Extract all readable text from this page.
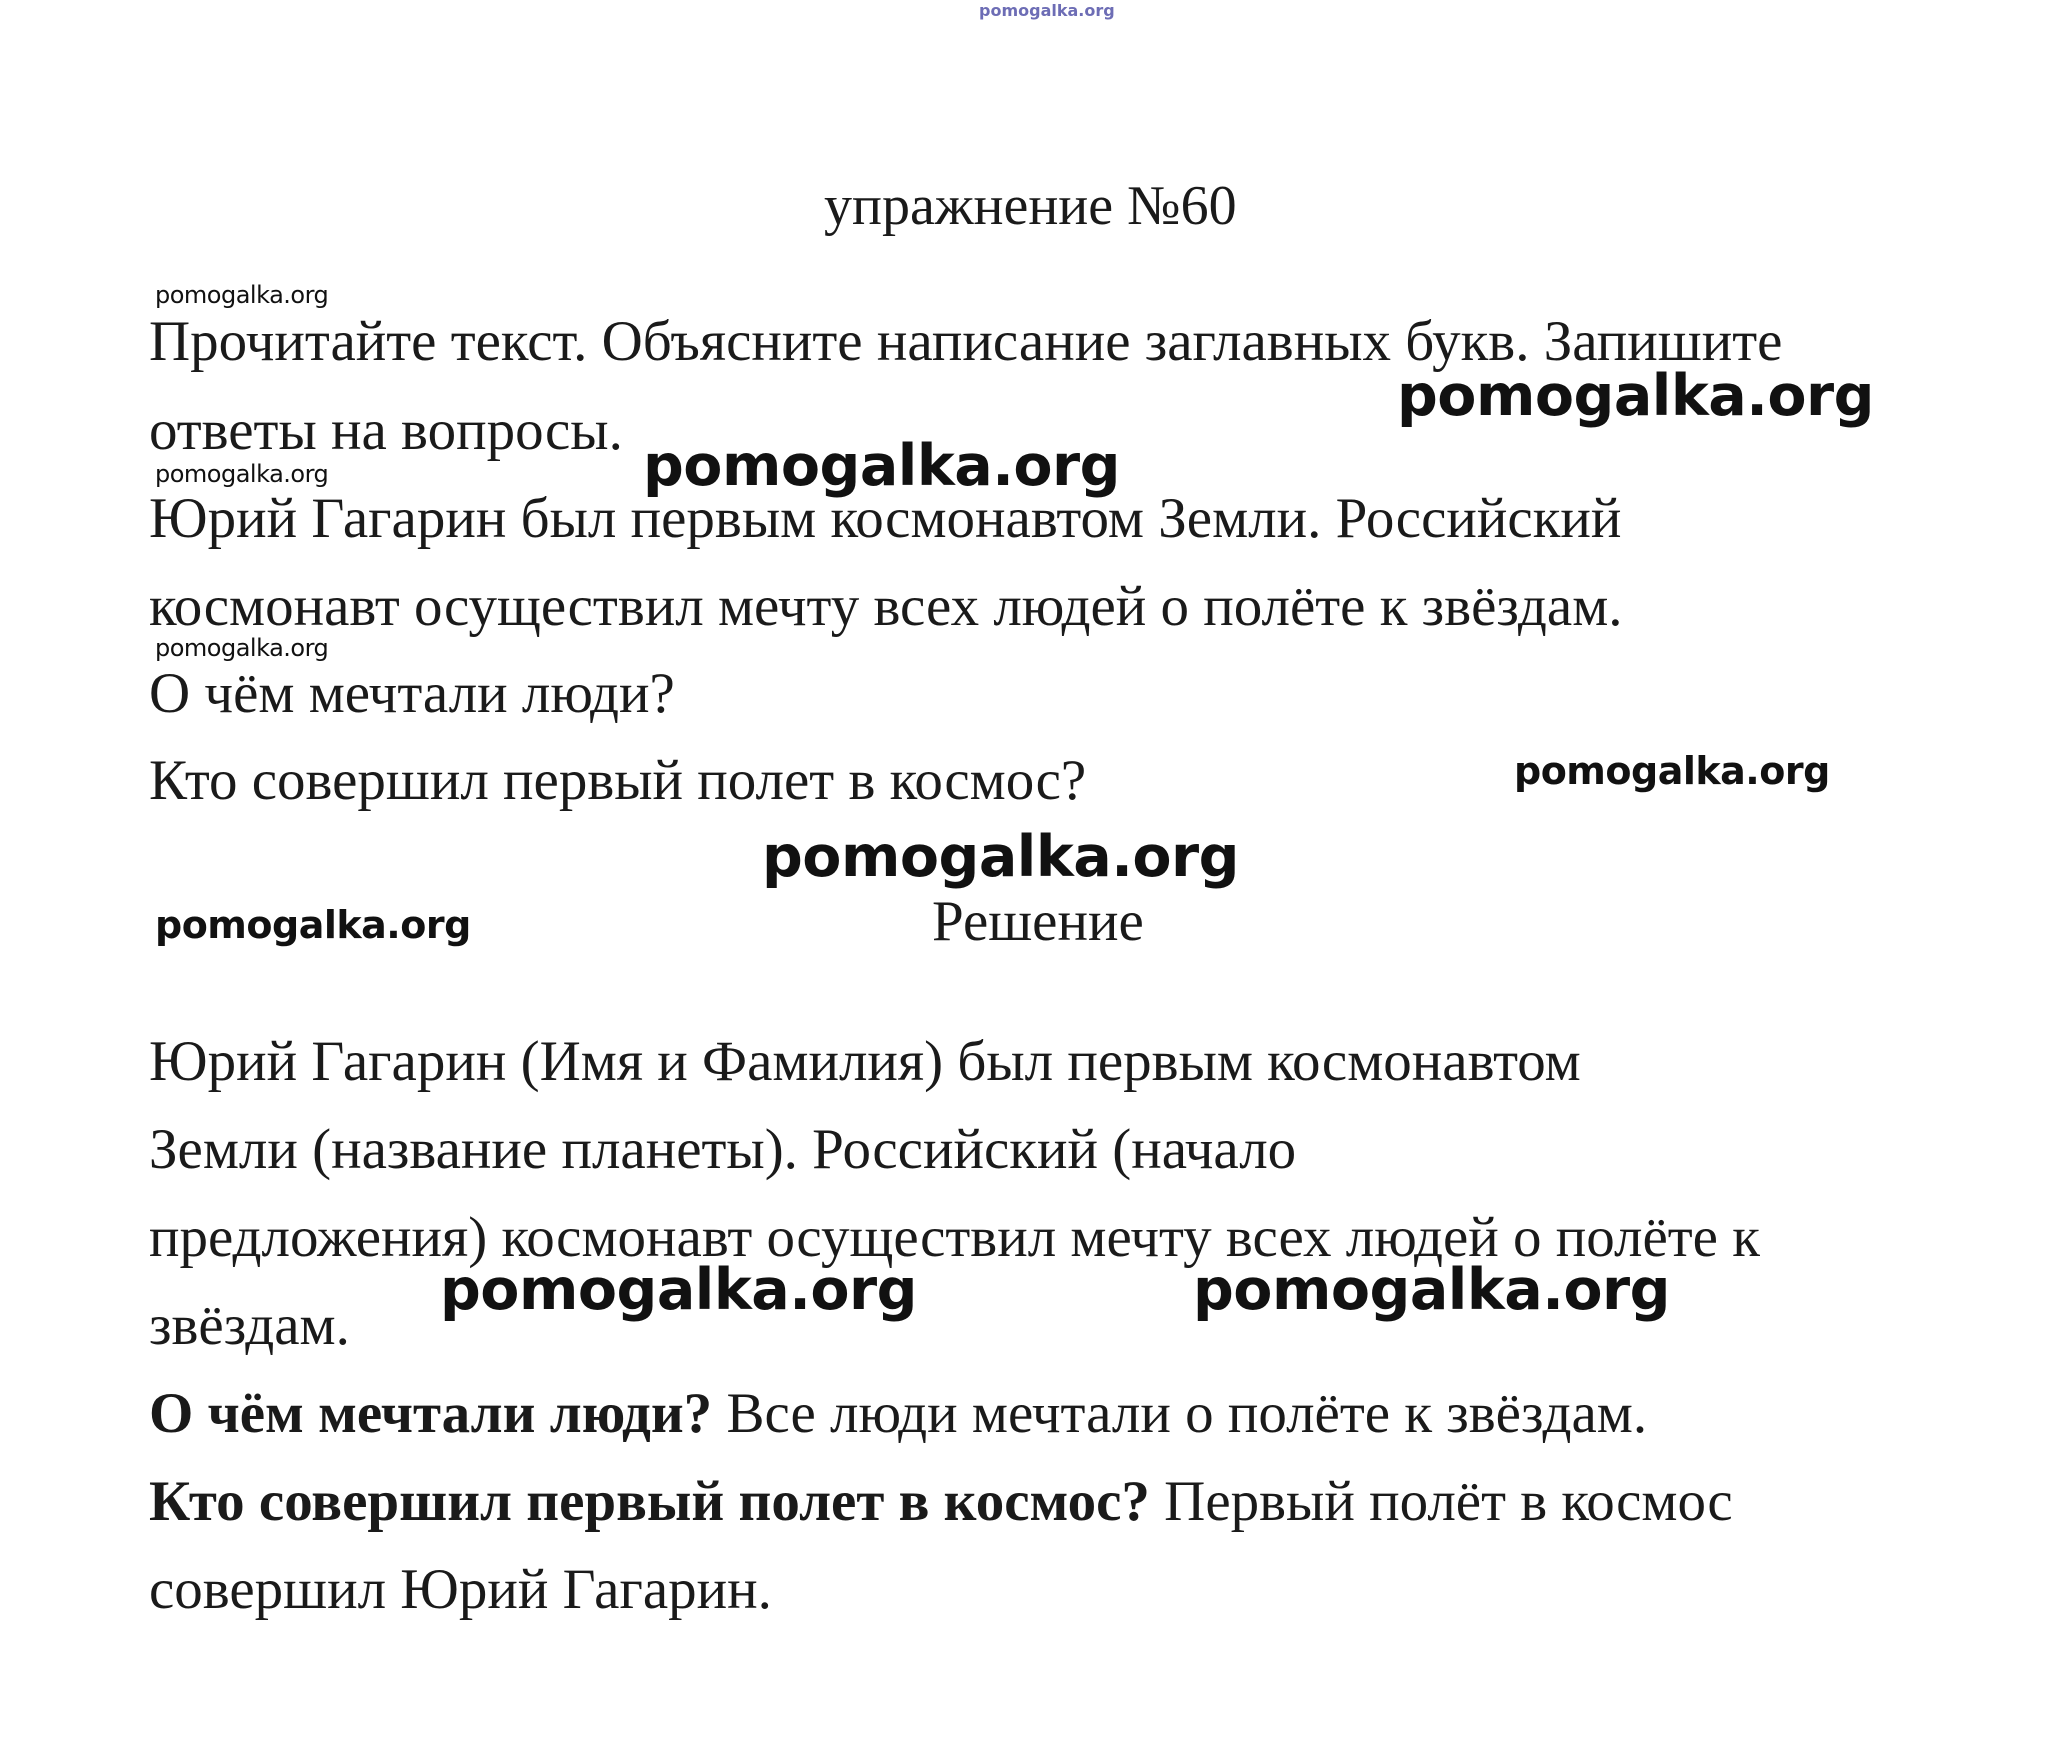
pomogalka.org
упражнение №60
pomogalka.org
Прочитайте текст. Объясните написание заглавных букв. Запишите
pomogalka.org
ответы на вопросы.
pomogalka.org	pomogalka.org
Юрий Гагарин был первым космонавтом Земли. Российский
космонавт осуществил мечту всех людей о полёте к звёздам.
pomogalka.org
О чём мечтали люди?
Кто совершил первый полет в космос?	pomogalka.org
pomogalka.org
pomogalka.org	Решение
Юрий Гагарин (Имя и Фамилия) был первым космонавтом
Земли (название планеты). Российский (начало
предложения) космонавт осуществил мечту всех людей о полёте к
звёздам.
pomogalka.org	pomogalka.org
О чём мечтали люди? Все люди мечтали о полёте к звёздам.
Кто совершил первый полет в космос? Первый полёт в космос
совершил Юрий Гагарин.
